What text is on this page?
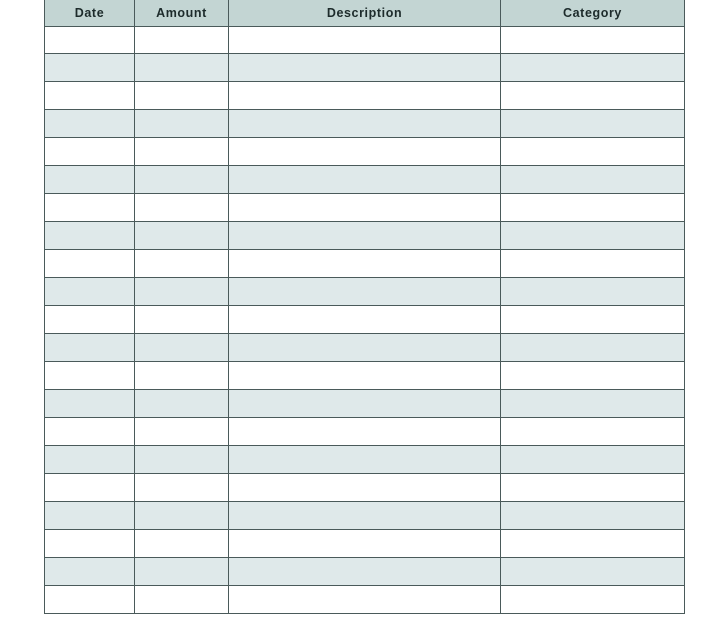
Date	Amount	Description	Category
